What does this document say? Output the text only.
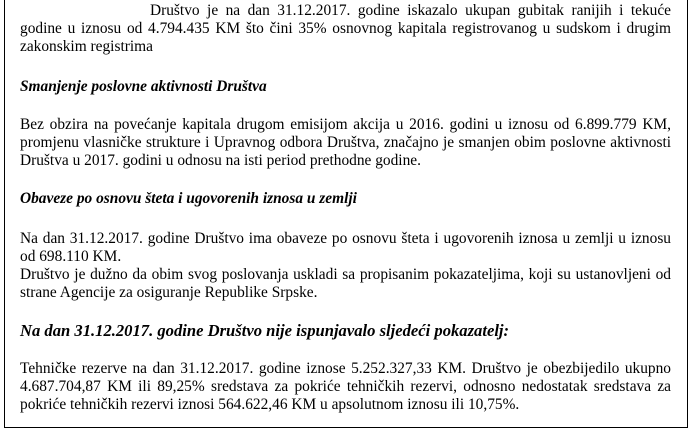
Društvo je na dan 31.12.2017. godine iskazalo ukupan gubitak ranijih i tekuće godine u iznosu od 4.794.435 KM što čini 35% osnovnog kapitala registrovanog u sudskom i drugim zakonskim registrima

Smanjenje poslovne aktivnosti Društva

Bez obzira na povećanje kapitala drugom emisijom akcija u 2016. godini u iznosu od 6.899.779 KM, promjenu vlasničke strukture i Upravnog odbora Društva, značajno je smanjen obim poslovne aktivnosti Društva u 2017. godini u odnosu na isti period prethodne godine.

Obaveze po osnovu šteta i ugovorenih iznosa u zemlji

Na dan 31.12.2017. godine Društvo ima obaveze po osnovu šteta i ugovorenih iznosa u zemlji u iznosu od 698.110 KM.

Društvo je dužno da obim svog poslovanja uskladi sa propisanim pokazateljima, koji su ustanovljeni od strane Agencije za osiguranje Republike Srpske.

Na dan 31.12.2017. godine Društvo nije ispunjavalo sljedeći pokazatelj:

Tehničke rezerve na dan 31.12.2017. godine iznose 5.252.327,33 KM. Društvo je obezbijedilo ukupno 4.687.704,87 KM ili 89,25% sredstava za pokriće tehničkih rezervi, odnosno nedostatak sredstava za pokriće tehničkih rezervi iznosi 564.622,46 KM u apsolutnom iznosu ili 10,75%.
